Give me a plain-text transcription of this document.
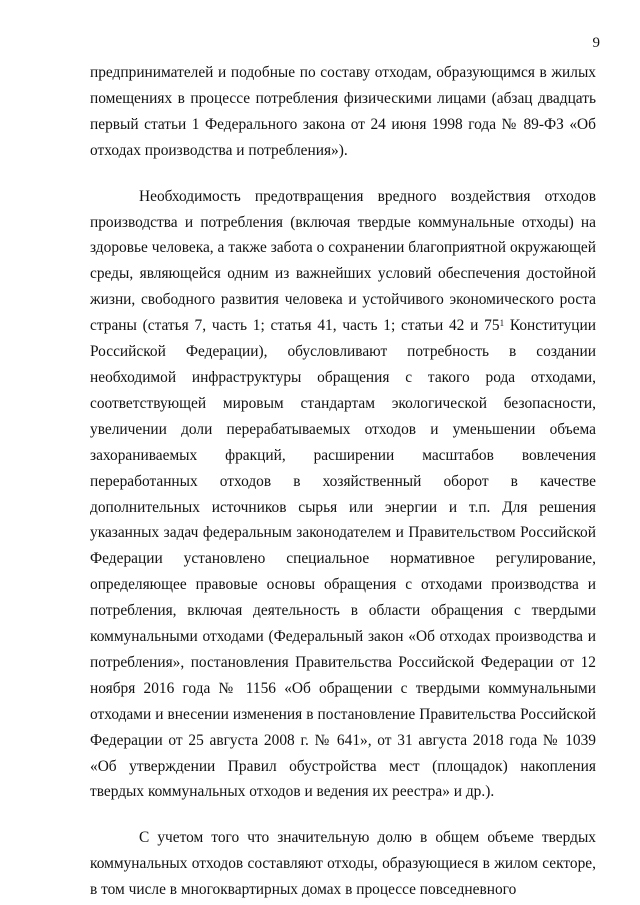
9

предпринимателей и подобные по составу отходам, образующимся в жилых помещениях в процессе потребления физическими лицами (абзац двадцать первый статьи 1 Федерального закона от 24 июня 1998 года № 89-ФЗ «Об отходах производства и потребления»).

Необходимость предотвращения вредного воздействия отходов производства и потребления (включая твердые коммунальные отходы) на здоровье человека, а также забота о сохранении благоприятной окружающей среды, являющейся одним из важнейших условий обеспечения достойной жизни, свободного развития человека и устойчивого экономического роста страны (статья 7, часть 1; статья 41, часть 1; статьи 42 и $75^1$ Конституции Российской Федерации), обусловливают потребность в создании необходимой инфраструктуры обращения с такого рода отходами, соответствующей мировым стандартам экологической безопасности, увеличении доли перерабатываемых отходов и уменьшении объема захораниваемых фракций, расширении масштабов вовлечения переработанных отходов в хозяйственный оборот в качестве дополнительных источников сырья или энергии и т.п. Для решения указанных задач федеральным законодателем и Правительством Российской Федерации установлено специальное нормативное регулирование, определяющее правовые основы обращения с отходами производства и потребления, включая деятельность в области обращения с твердыми коммунальными отходами (Федеральный закон «Об отходах производства и потребления», постановления Правительства Российской Федерации от 12 ноября 2016 года № 1156 «Об обращении с твердыми коммунальными отходами и внесении изменения в постановление Правительства Российской Федерации от 25 августа 2008 г. № 641», от 31 августа 2018 года № 1039 «Об утверждении Правил обустройства мест (площадок) накопления твердых коммунальных отходов и ведения их реестра» и др.).

С учетом того что значительную долю в общем объеме твердых коммунальных отходов составляют отходы, образующиеся в жилом секторе, в том числе в многоквартирных домах в процессе повседневного
